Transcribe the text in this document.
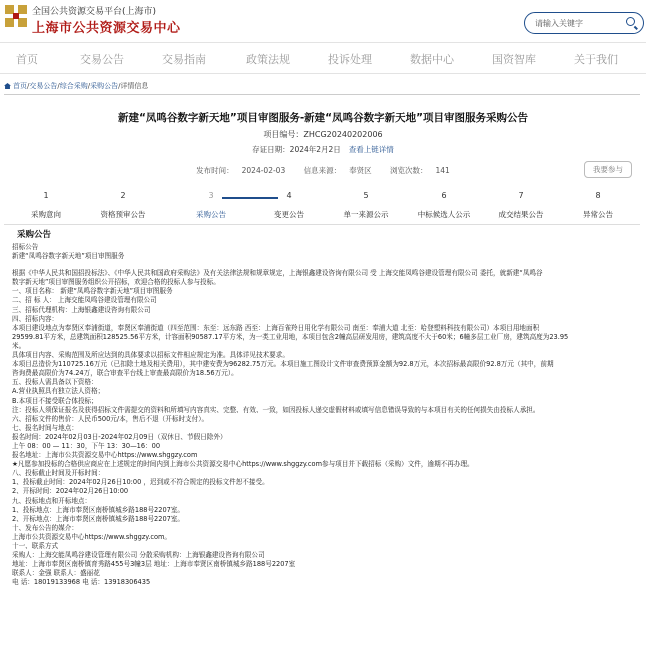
全国公共资源交易平台(上海市)
上海市公共资源交易中心	请输入关键字
首页	交易公告	交易指南	政策法规	投诉处理	数据中心	国资智库	关于我们
首页/交易公告/综合采购/采购公告/详情信息
新建“凤鸣谷数字新天地”项目审图服务-新建“凤鸣谷数字新天地”项目审图服务采购公告
项目编号：ZHCG20240202006
存证日期：2024年2月2日 查看上链详情
发布时间： 2024-02-03 信息来源： 奉贤区 浏览次数： 141	我要参与
1	2	3	4	5	6	7	8
采购意向	资格预审公告	采购公告	变更公告	单一来源公示	中标候选人公示	成交结果公告	异常公告
采购公告
招标公告
新建“凤鸣谷数字新天地”项目审图服务
根据《中华人民共和国招投标法》、《中华人民共和国政府采购法》及有关法律法规和规章规定，上海银鑫建设咨询有限公司 受 上海交能凤鸣谷建设管理有限公司 委托，就新建“凤鸣谷
数字新天地”项目审图服务组织公开招标，欢迎合格的投标人参与投标。
一、项目名称： 新建“凤鸣谷数字新天地”项目审图服务
二、招 标 人： 上海交能凤鸣谷建设管理有限公司
三、招标代理机构：上海银鑫建设咨询有限公司
四、招标内容：
本项目建设地点为奉贤区奉浦街道，奉贤区奉浦街道（四至范围：东至：远东路 西至：上海百雀羚日用化学有限公司 南至：奉浦大道 北至：哈登塑料科技有限公司）本项目用地面积
29599.81平方米，总建筑面积128525.56平方米，计容面积90587.17平方米，为一类工业用地，本项目包含2幢高层研发用房，建筑高度不大于60米；6幢多层工业厂房，建筑高度为23.95
米。
具体项目内容、采购范围及所应达到的具体要求以招标文件相应规定为准。具体详见技术要求。
本项目总造价为110725.16万元（已扣除土地及相关费用），其中建安费为96282.75万元。本项目施工图设计文件审查费预算金额为92.8万元，本次招标最高限价92.8万元（其中，前期
咨询费最高限价为74.24万，联合审查平台线上审查最高限价为18.56万元）。
五、投标人需具备以下资格：
A.营业执照具有独立法人资格；
B.本项目不接受联合体投标；
注：投标人须保证报名及获得招标文件需提交的资料和所填写内容真实、完整、有效、一致，如因投标人递交虚假材料或填写信息错误导致的与本项目有关的任何损失由投标人承担。
六、招标文件的售价：人民币500元/本，售后不退（开标时支付）。
七、报名时间与地点：
报名时间：2024年02月03日-2024年02月09日（双休日、节假日除外）
上午 08：00 — 11：30，下午 13：30—16：00
报名地址：上海市公共资源交易中心https://www.shggzy.com
★凡愿参加投标的合格供应商应在上述规定的时间内到上海市公共资源交易中心https://www.shggzy.com参与项目并下载招标（采购）文件，逾期不再办理。
八、投标截止时间及开标时间：
1、投标截止时间：2024年02月26日10:00 ，迟到或不符合规定的投标文件恕不接受。
2、开标时间：2024年02月26日10:00
九、投标地点和开标地点：
1、投标地点：上海市奉贤区南桥镇城乡路188号2207室。
2、开标地点：上海市奉贤区南桥镇城乡路188号2207室。
十、发布公告的媒介：
上海市公共资源交易中心https://www.shggzy.com。
十一、联系方式
采购人：上海交能凤鸣谷建设管理有限公司 分散采购机构：上海银鑫建设咨询有限公司
地址：上海市奉贤区南桥镇育秀路455号3幢3层 地址：上海市奉贤区南桥镇城乡路188号2207室
联系人：金强 联系人：盛丽花
电 话：18019133968 电 话：13918306435
